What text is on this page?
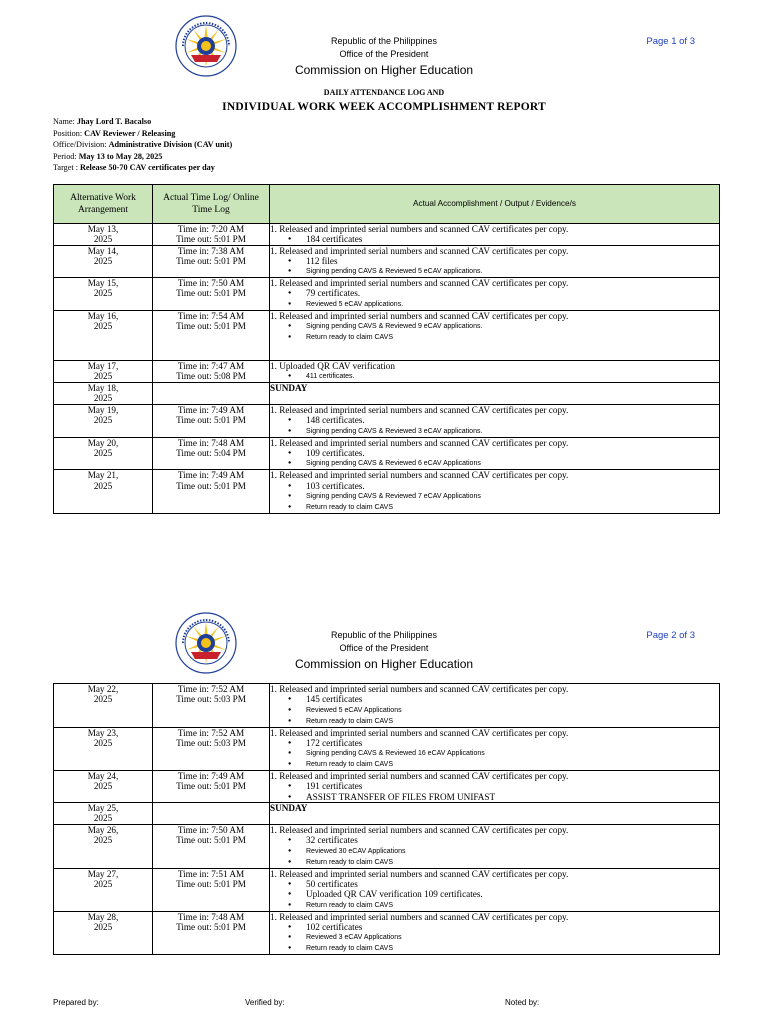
Republic of the Philippines
Office of the President
Commission on Higher Education
Page 1 of 3
DAILY ATTENDANCE LOG AND
INDIVIDUAL WORK WEEK ACCOMPLISHMENT REPORT
Name: Jhay Lord T. Bacalso
Position: CAV Reviewer / Releasing
Office/Division: Administrative Division (CAV unit)
Period: May 13 to May 28, 2025
Target : Release 50-70 CAV certificates per day
Alternative Work Arrangement	Actual Time Log/ Online Time Log	Actual Accomplishment / Output / Evidence/s

May 13,
2025	Time in: 7:20 AM
Time out: 5:01 PM	1. Released and imprinted serial numbers and scanned CAV certificates per copy.
● 184 certificates

May 14,
2025	Time in: 7:38 AM
Time out: 5:01 PM	1. Released and imprinted serial numbers and scanned CAV certificates per copy.
● 112 files
● Signing pending CAVS & Reviewed 5 eCAV applications.

May 15,
2025	Time in: 7:50 AM
Time out: 5:01 PM	1. Released and imprinted serial numbers and scanned CAV certificates per copy.
● 79 certificates.
● Reviewed 5 eCAV applications.

May 16,
2025	Time in: 7:54 AM
Time out: 5:01 PM	1. Released and imprinted serial numbers and scanned CAV certificates per copy.
● Signing pending CAVS & Reviewed 9 eCAV applications.
● Return ready to claim CAVS

May 17,
2025	Time in: 7:47 AM
Time out: 5:08 PM	1. Uploaded QR CAV verification
● 411 certificates.

May 18,
2025		SUNDAY

May 19,
2025	Time in: 7:49 AM
Time out: 5:01 PM	1. Released and imprinted serial numbers and scanned CAV certificates per copy.
● 148 certificates.
● Signing pending CAVS & Reviewed 3 eCAV applications.

May 20,
2025	Time in: 7:48 AM
Time out: 5:04 PM	1. Released and imprinted serial numbers and scanned CAV certificates per copy.
● 109 certificates.
● Signing pending CAVS & Reviewed 6 eCAV Applications

May 21,
2025	Time in: 7:49 AM
Time out: 5:01 PM	1. Released and imprinted serial numbers and scanned CAV certificates per copy.
● 103 certificates.
● Signing pending CAVS & Reviewed 7 eCAV Applications
● Return ready to claim CAVS
Republic of the Philippines
Office of the President
Commission on Higher Education
Page 2 of 3
May 22,
2025	Time in: 7:52 AM
Time out: 5:03 PM	1. Released and imprinted serial numbers and scanned CAV certificates per copy.
● 145 certificates
● Reviewed 5 eCAV Applications
● Return ready to claim CAVS

May 23,
2025	Time in: 7:52 AM
Time out: 5:03 PM	1. Released and imprinted serial numbers and scanned CAV certificates per copy.
● 172 certificates
● Signing pending CAVS & Reviewed 16 eCAV Applications
● Return ready to claim CAVS

May 24,
2025	Time in: 7:49 AM
Time out: 5:01 PM	1. Released and imprinted serial numbers and scanned CAV certificates per copy.
● 191 certificates
● ASSIST TRANSFER OF FILES FROM UNIFAST

May 25,
2025		SUNDAY

May 26,
2025	Time in: 7:50 AM
Time out: 5:01 PM	1. Released and imprinted serial numbers and scanned CAV certificates per copy.
● 32 certificates
● Reviewed 30 eCAV Applications
● Return ready to claim CAVS

May 27,
2025	Time in: 7:51 AM
Time out: 5:01 PM	1. Released and imprinted serial numbers and scanned CAV certificates per copy.
● 50 certificates
● Uploaded QR CAV verification 109 certificates.
● Return ready to claim CAVS

May 28,
2025	Time in: 7:48 AM
Time out: 5:01 PM	1. Released and imprinted serial numbers and scanned CAV certificates per copy.
● 102 certificates
● Reviewed 3 eCAV Applications
● Return ready to claim CAVS
Prepared by:	Verified by:	Noted by:
